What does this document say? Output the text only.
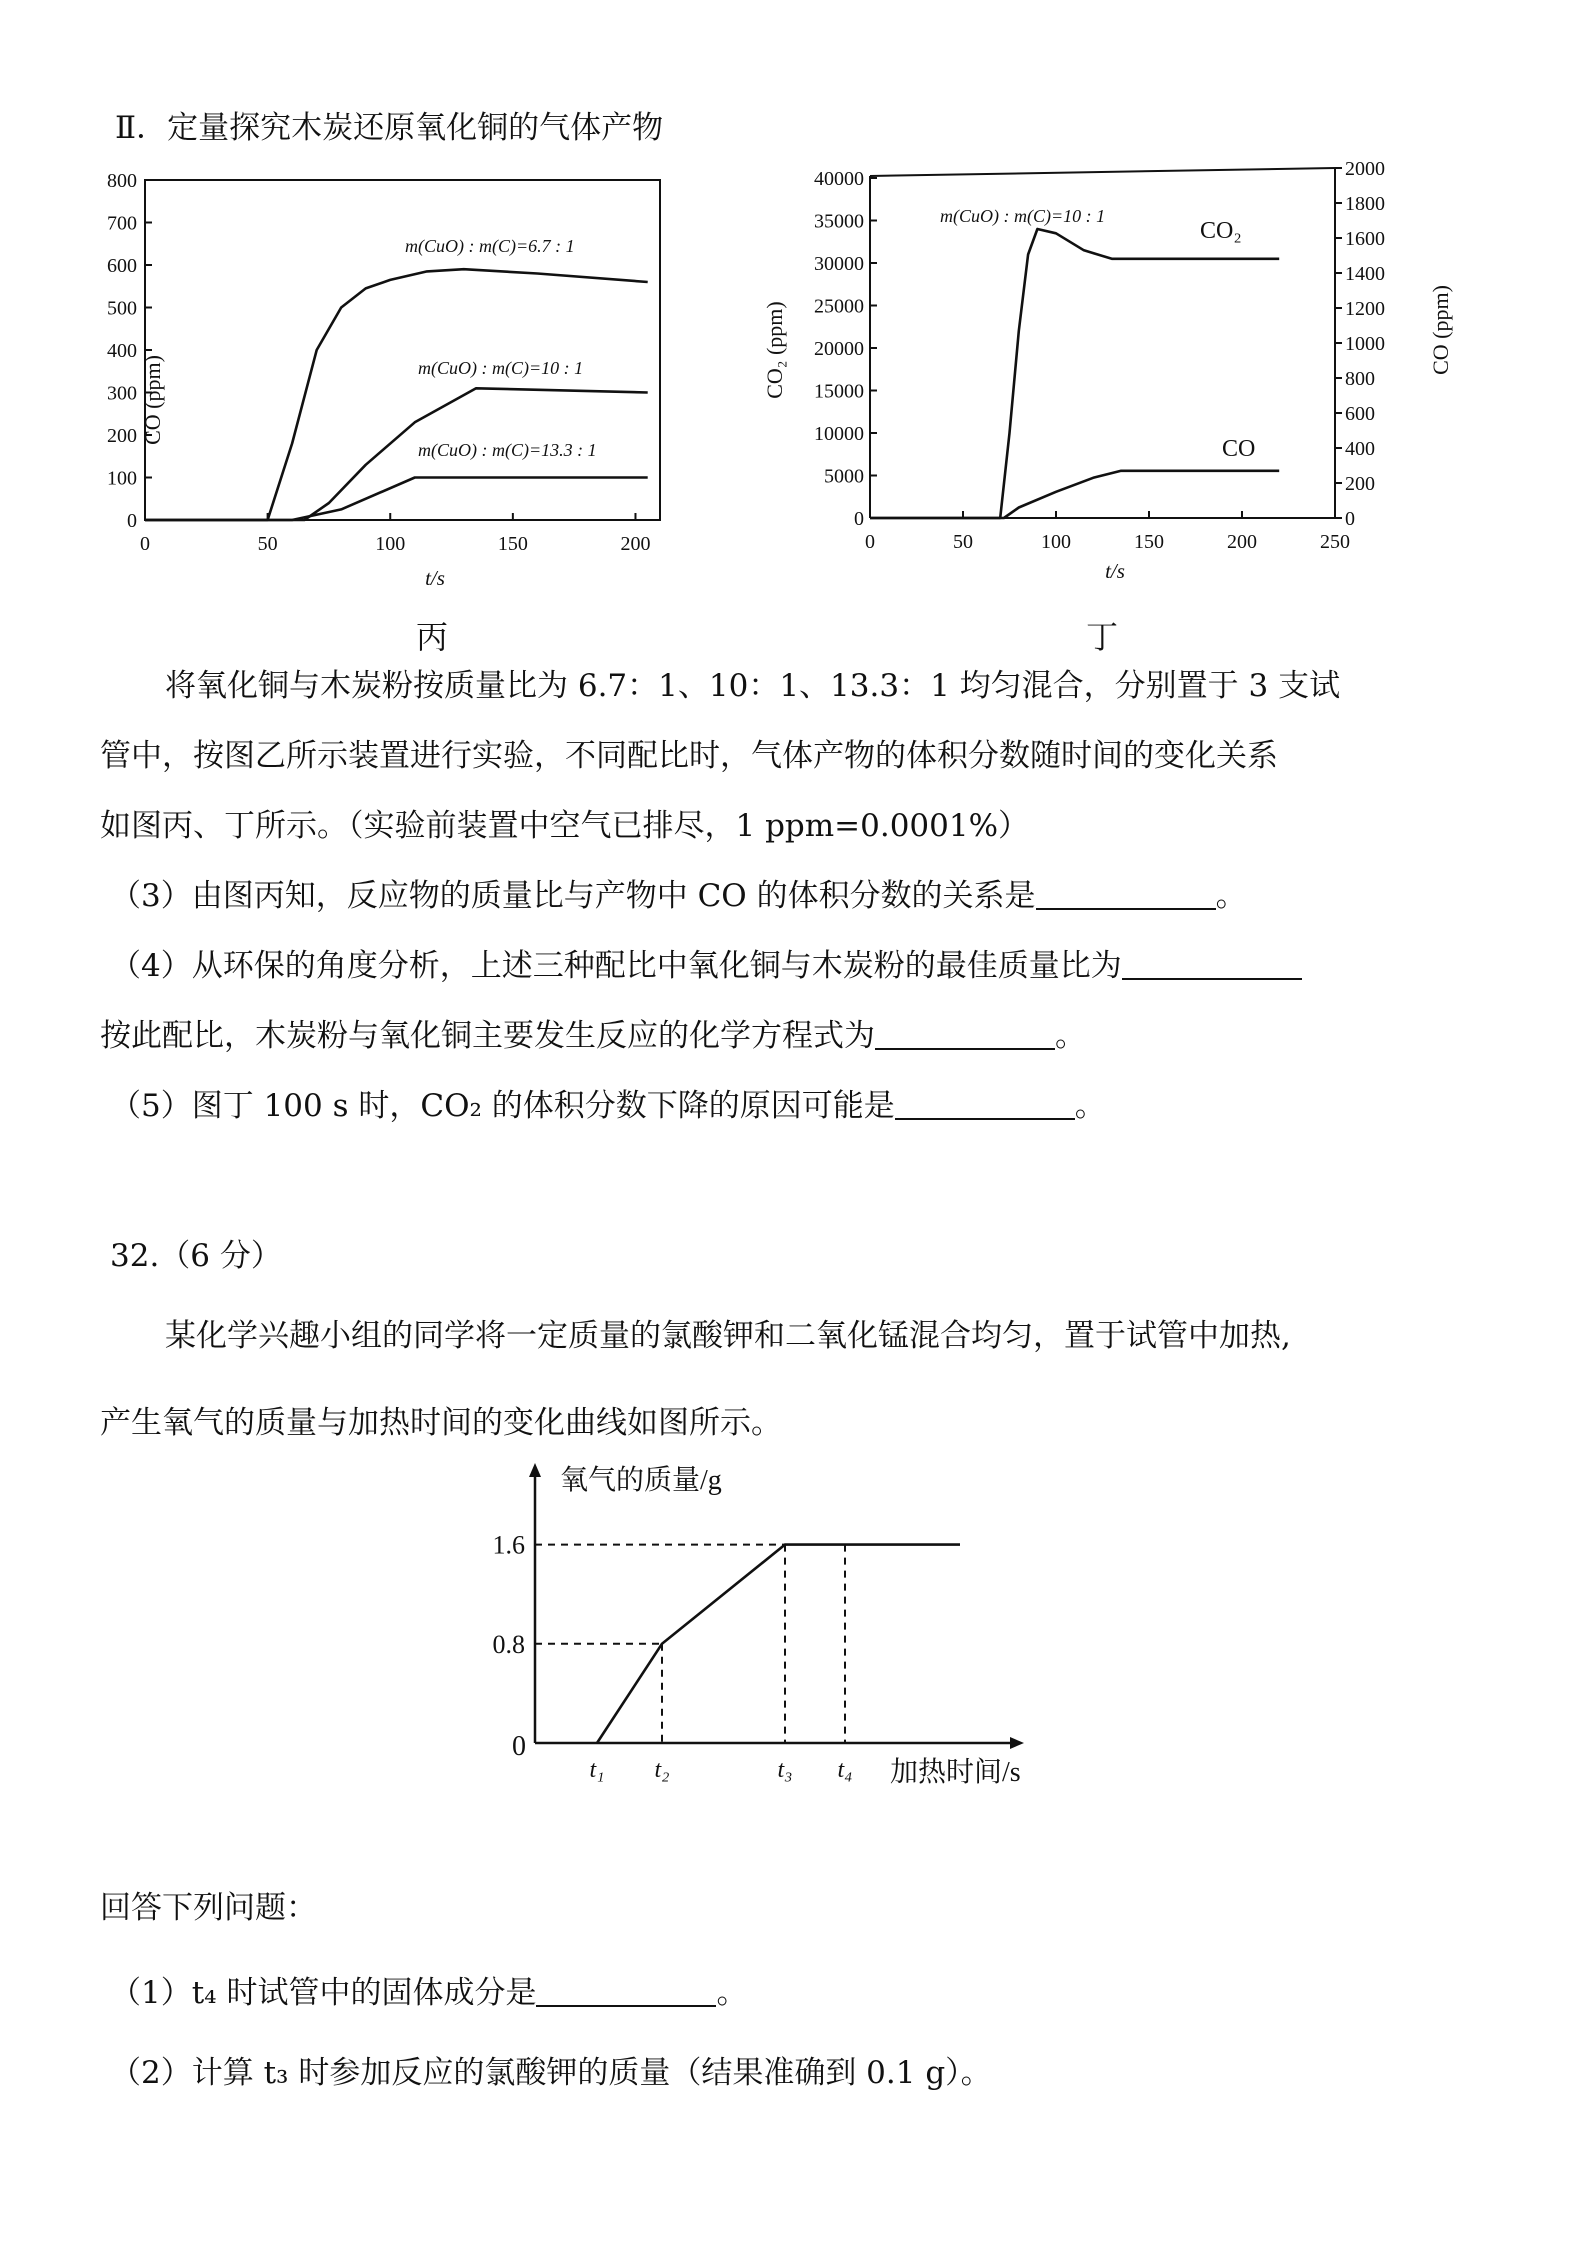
Ⅱ．定量探究木炭还原氧化铜的气体产物
0
100
200
300
400
500
600
700
800
0	50	100	150	200
CO (ppm)
t/s
m(CuO) : m(C)=6.7 : 1
m(CuO) : m(C)=10 : 1
m(CuO) : m(C)=13.3 : 1
丙
0
5000
10000
15000
20000
25000
30000
35000
40000
0
200
400
600
800
1000
1200
1400
1600
1800
2000
0	50	100	150	200	250
CO₂ (ppm)	CO (ppm)
t/s
m(CuO) : m(C)=10 : 1
CO₂
CO
丁
将氧化铜与木炭粉按质量比为 6.7：1、10：1、13.3：1 均匀混合，分别置于 3 支试
管中，按图乙所示装置进行实验，不同配比时，气体产物的体积分数随时间的变化关系
如图丙、丁所示。（实验前装置中空气已排尽，1 ppm=0.0001%）
（3）由图丙知，反应物的质量比与产物中 CO 的体积分数的关系是	。
（4）从环保的角度分析，上述三种配比中氧化铜与木炭粉的最佳质量比为
按此配比，木炭粉与氧化铜主要发生反应的化学方程式为	。
（5）图丁 100 s 时，CO₂ 的体积分数下降的原因可能是	。
32.（6 分）
某化学兴趣小组的同学将一定质量的氯酸钾和二氧化锰混合均匀，置于试管中加热,
产生氧气的质量与加热时间的变化曲线如图所示。
0.8
1.6
t₁ t₂	t₃ t₄
氧气的质量/g
加热时间/s
0
回答下列问题：
（1）t₄ 时试管中的固体成分是	。
（2）计算 t₃ 时参加反应的氯酸钾的质量（结果准确到 0.1 g）。
